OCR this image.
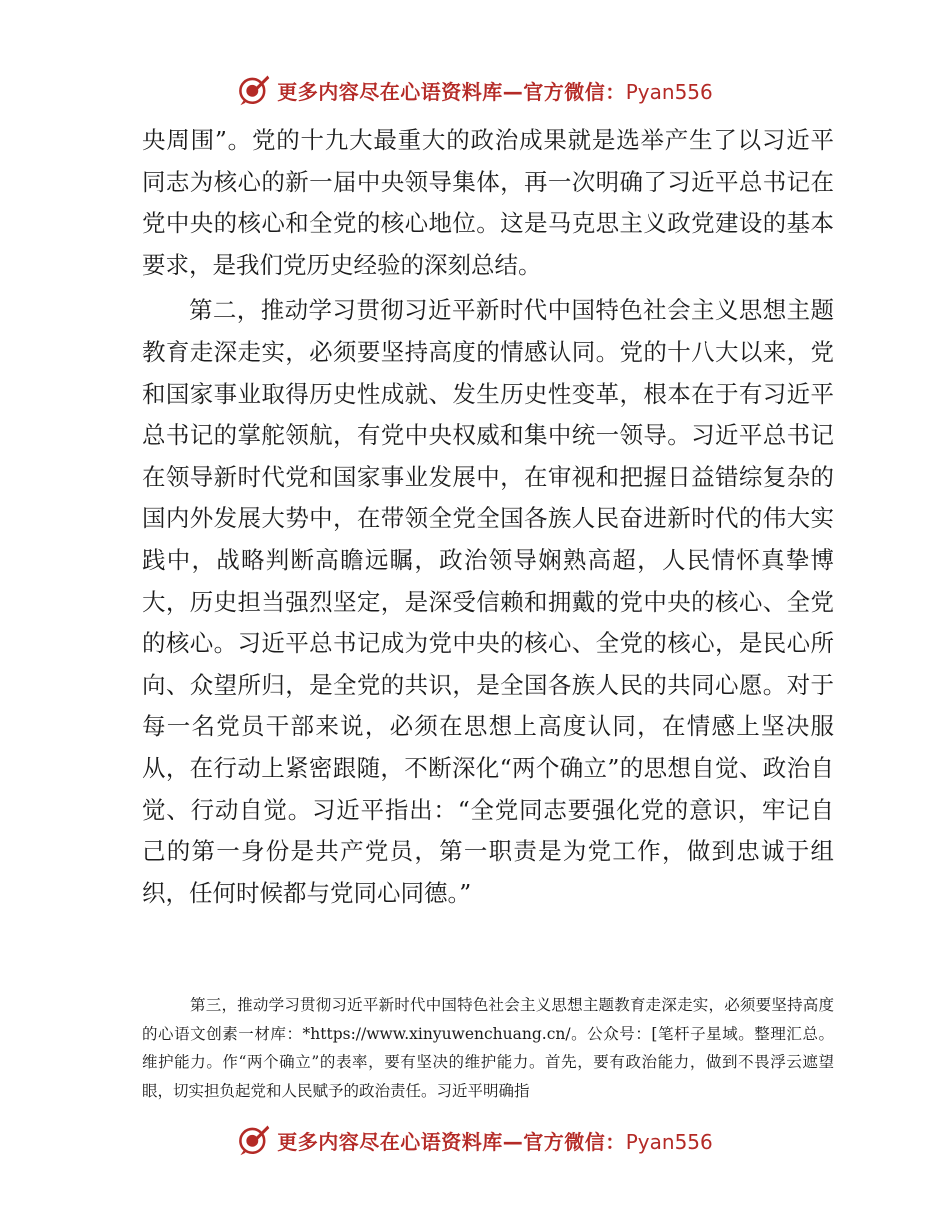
更多内容尽在心语资料库—官方微信：Pyan556

央周围”。党的十九大最重大的政治成果就是选举产生了以习近平同志为核心的新一届中央领导集体，再一次明确了习近平总书记在党中央的核心和全党的核心地位。这是马克思主义政党建设的基本要求，是我们党历史经验的深刻总结。

第二，推动学习贯彻习近平新时代中国特色社会主义思想主题教育走深走实，必须要坚持高度的情感认同。党的十八大以来，党和国家事业取得历史性成就、发生历史性变革，根本在于有习近平总书记的掌舵领航，有党中央权威和集中统一领导。习近平总书记在领导新时代党和国家事业发展中，在审视和把握日益错综复杂的国内外发展大势中，在带领全党全国各族人民奋进新时代的伟大实践中，战略判断高瞻远瞩，政治领导娴熟高超，人民情怀真挚博大，历史担当强烈坚定，是深受信赖和拥戴的党中央的核心、全党的核心。习近平总书记成为党中央的核心、全党的核心，是民心所向、众望所归，是全党的共识，是全国各族人民的共同心愿。对于每一名党员干部来说，必须在思想上高度认同，在情感上坚决服从，在行动上紧密跟随，不断深化“两个确立”的思想自觉、政治自觉、行动自觉。习近平指出：“全党同志要强化党的意识，牢记自己的第一身份是共产党员，第一职责是为党工作，做到忠诚于组织，任何时候都与党同心同德。”

第三，推动学习贯彻习近平新时代中国特色社会主义思想主题教育走深走实，必须要坚持高度的心语文创素一材库：*https://www.xinyuwenchuang.cn/。公众号：[笔杆子星域。整理汇总。维护能力。作“两个确立”的表率，要有坚决的维护能力。首先，要有政治能力，做到不畏浮云遮望眼，切实担负起党和人民赋予的政治责任。习近平明确指

更多内容尽在心语资料库—官方微信：Pyan556
